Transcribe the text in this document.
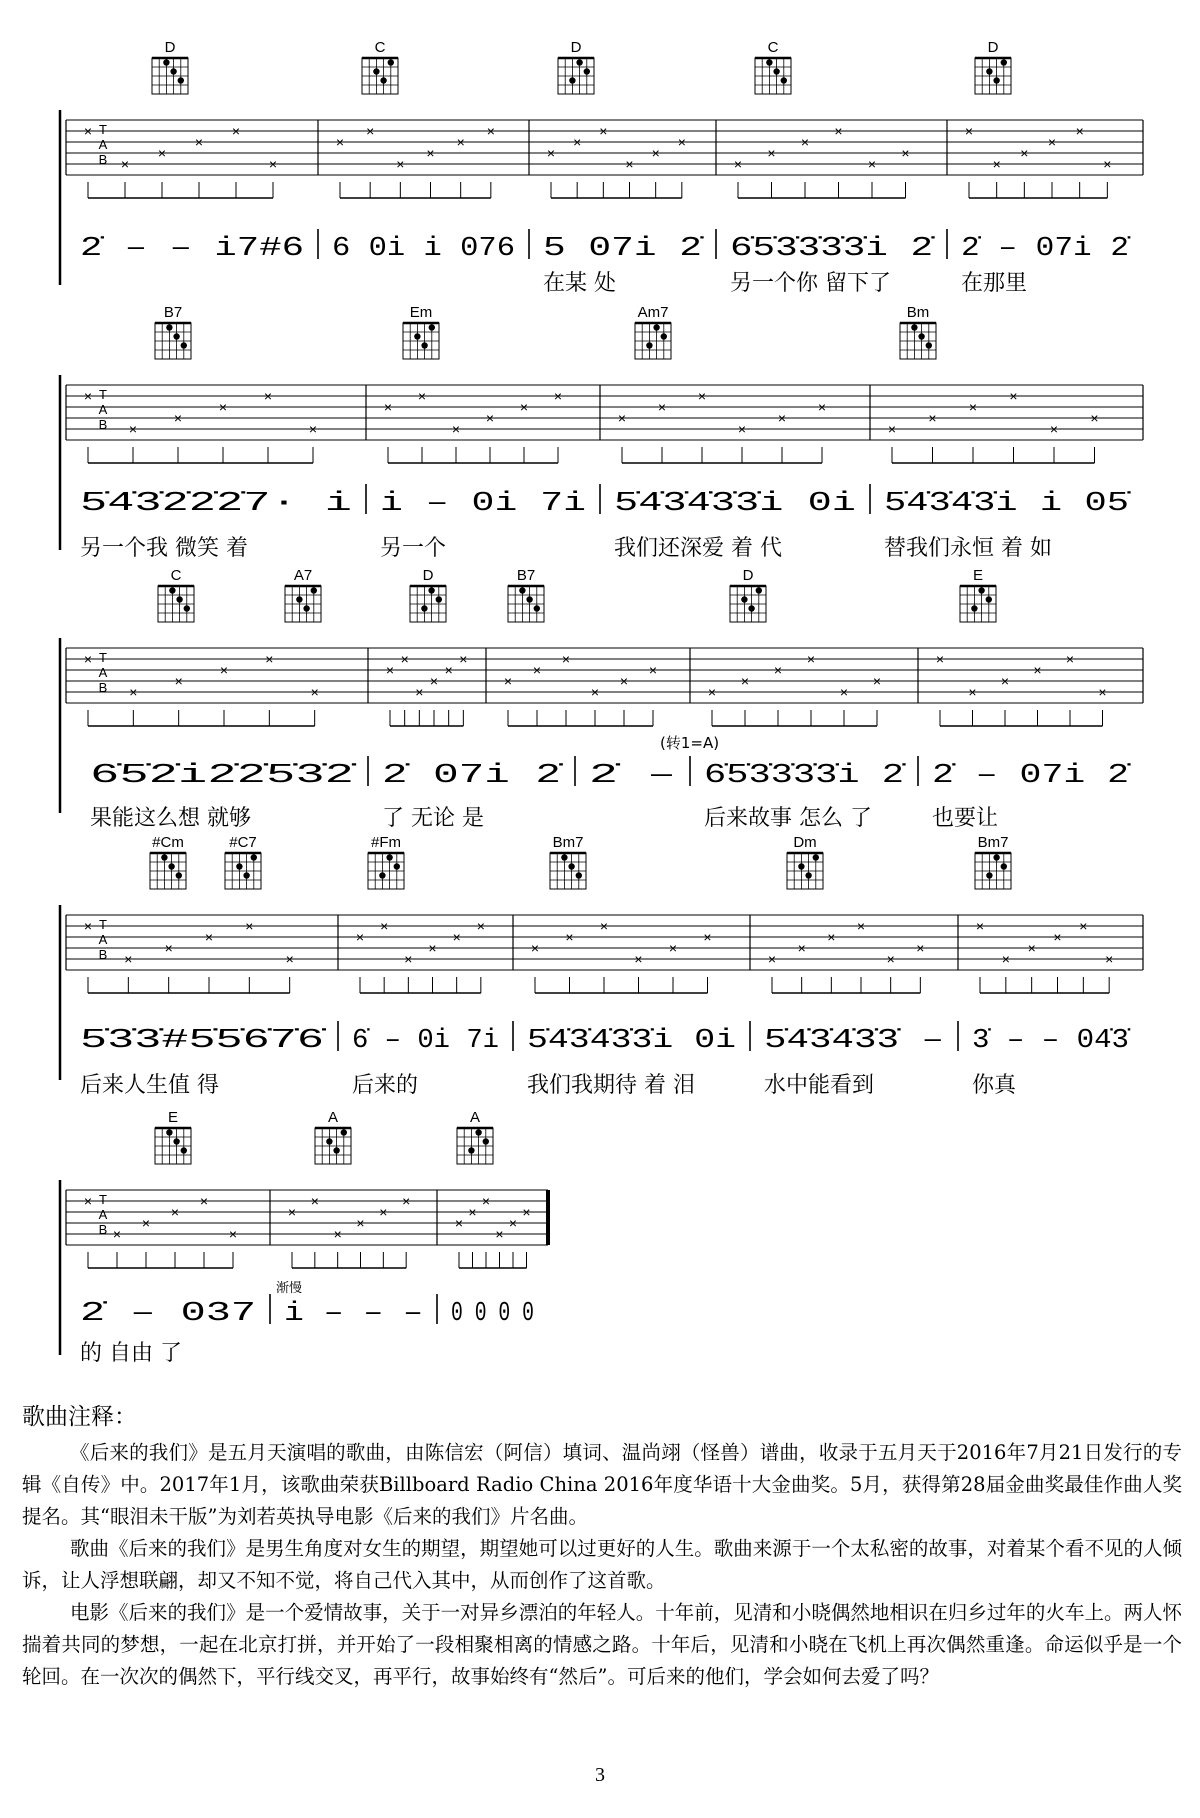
T
A
B
×
×
×
×
×
×
×
×
×
×
×
×
×
×
×
×
×
×
×
×
×
×
×
×
×
×
×
×
×
×
D	C	D	C	D
2̇ – – i7#6 6 0i i 076 5 07i 2̇ 6̇5̇3̇3̇3̇3̇i 2̇ 2̇ – 07i 2̇
在某 处	另一个你 留下了	在那里
T
A
B
×
×
×
×
×
×
×
×
×
×
×
×
×
×
×
×
×
×
×
×
×
×
×
×
B7	Em	Am7	Bm
5̇4̇3̇2̇2̇2̇7· i i – 0i 7i 5̇4̇3̇4̇3̇3̇i 0i 5̇4̇3̇4̇3̇i i 05̇
另一个我 微笑 着	另一个	我们还深爱 着 代	替我们永恒 着 如
T
A
B
×
×
×
×
×
×
×
×
×
×
×
×
×
×
×
×
×
×
×
×
×
×
×
×
×
×
×
×
×
×
C	A7	D	B7	D	E
6̇5̇2̇i2̇2̇5̇3̇2̇ 2̇ 07i 2̇ 2̇ – 6̇5̇3̇3̇3̇3̇i 2̇ 2̇ – 07i 2̇
果能这么想 就够	了 无论 是	后来故事 怎么 了	也要让
(转1=A)
T
A
B
×
×
×
×
×
×
×
×
×
×
×
×
×
×
×
×
×
×
×
×
×
×
×
×
×
×
×
×
×
×
#Cm	#C7	#Fm	Bm7	Dm	Bm7
5̇3̇3̇#5̇5̇6̇7̇6̇ 6̇ – 0i 7i 5̇4̇3̇4̇3̇3̇i 0i 5̇4̇3̇4̇3̇3̇ – 3̇ – – 04̇3̇
后来人生值 得	后来的	我们我期待 着 泪	水中能看到	你真
T
A
B
×
×
×
×
×
×
×
×
×
×
×
×
×
×
×
×
×
×
E	A	A
2̇ – 037 i – – – 0 0 0 0
的 自由 了
渐慢
歌曲注释：

《后来的我们》是五月天演唱的歌曲，由陈信宏（阿信）填词、温尚翊（怪兽）谱曲，收录于五月天于2016年7月21日发行的专辑《自传》中。2017年1月，该歌曲荣获Billboard Radio China 2016年度华语十大金曲奖。5月，获得第28届金曲奖最佳作曲人奖提名。其“眼泪未干版”为刘若英执导电影《后来的我们》片名曲。

歌曲《后来的我们》是男生角度对女生的期望，期望她可以过更好的人生。歌曲来源于一个太私密的故事，对着某个看不见的人倾诉，让人浮想联翩，却又不知不觉，将自己代入其中，从而创作了这首歌。

电影《后来的我们》是一个爱情故事，关于一对异乡漂泊的年轻人。十年前，见清和小晓偶然地相识在归乡过年的火车上。两人怀揣着共同的梦想，一起在北京打拼，并开始了一段相聚相离的情感之路。十年后，见清和小晓在飞机上再次偶然重逢。命运似乎是一个轮回。在一次次的偶然下，平行线交叉，再平行，故事始终有“然后”。可后来的他们，学会如何去爱了吗？

3
